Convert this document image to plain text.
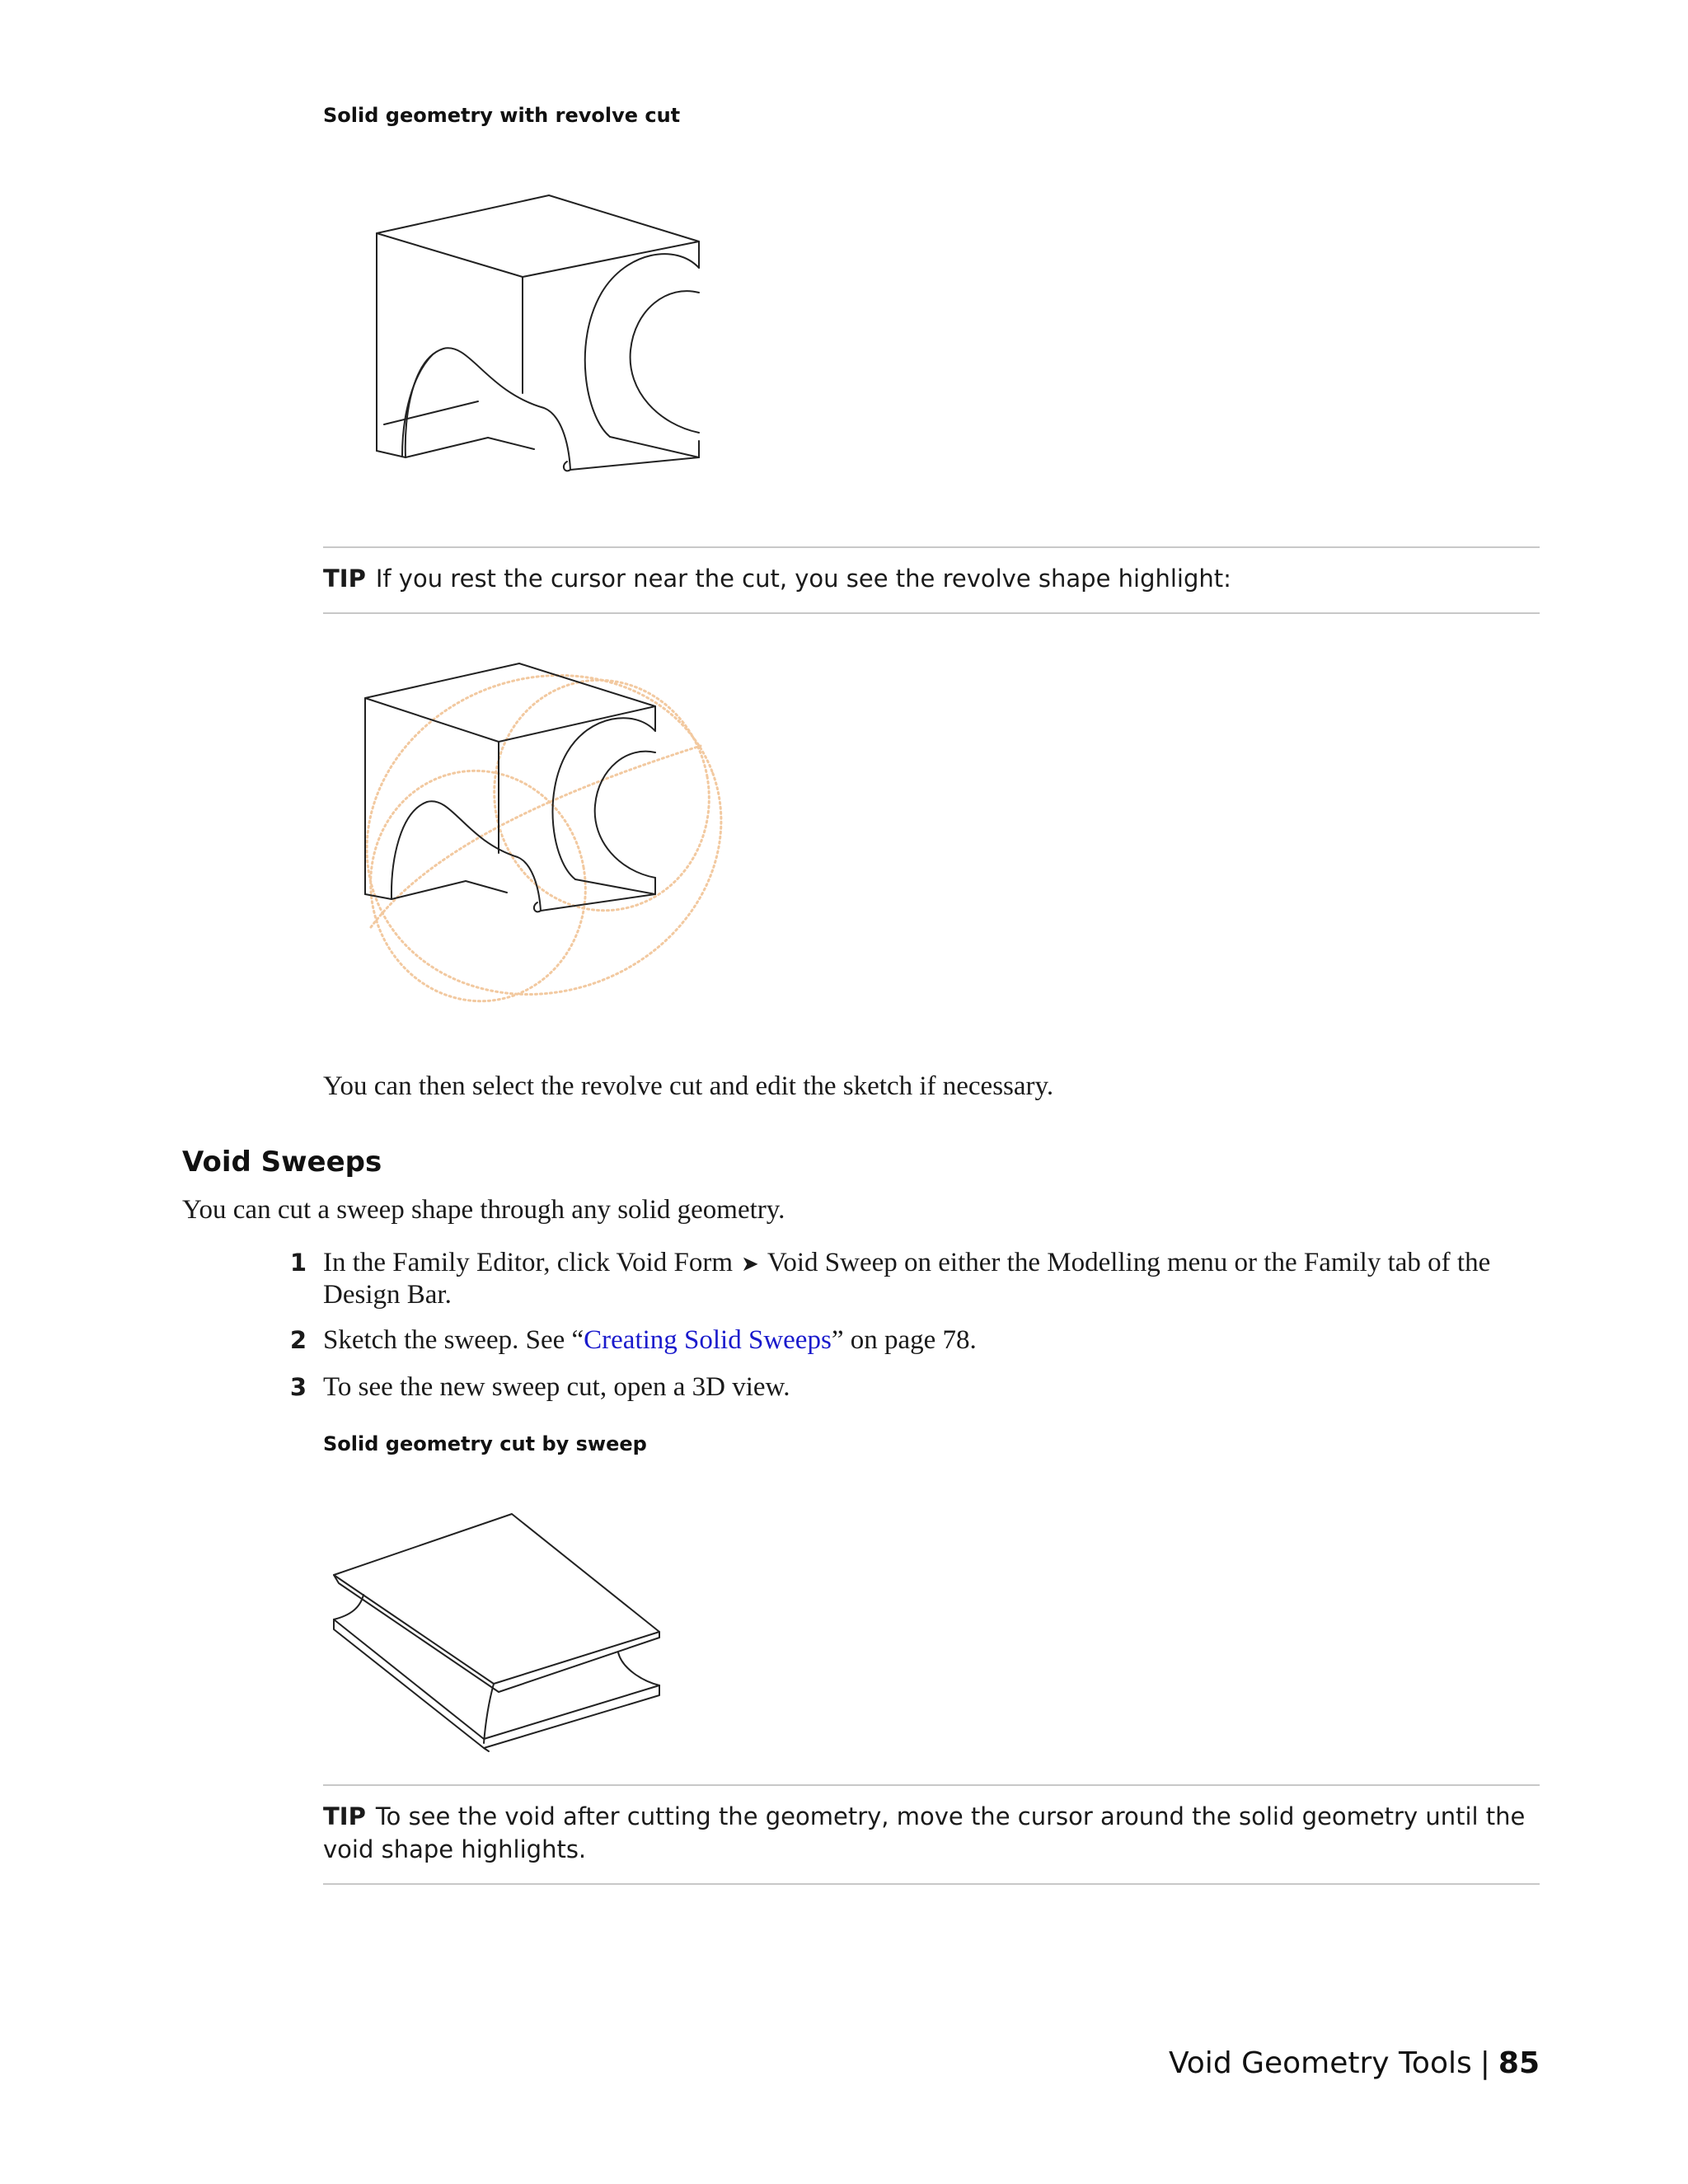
Solid geometry with revolve cut
TIP If you rest the cursor near the cut, you see the revolve shape highlight:
You can then select the revolve cut and edit the sketch if necessary.
Void Sweeps
You can cut a sweep shape through any solid geometry.
1 In the Family Editor, click Void Form ➤ Void Sweep on either the Modelling menu or the Family tab of the Design Bar.
2 Sketch the sweep. See “Creating Solid Sweeps” on page 78.
3 To see the new sweep cut, open a 3D view.
Solid geometry cut by sweep
TIP To see the void after cutting the geometry, move the cursor around the solid geometry until the void shape highlights.
Void Geometry Tools | 85
